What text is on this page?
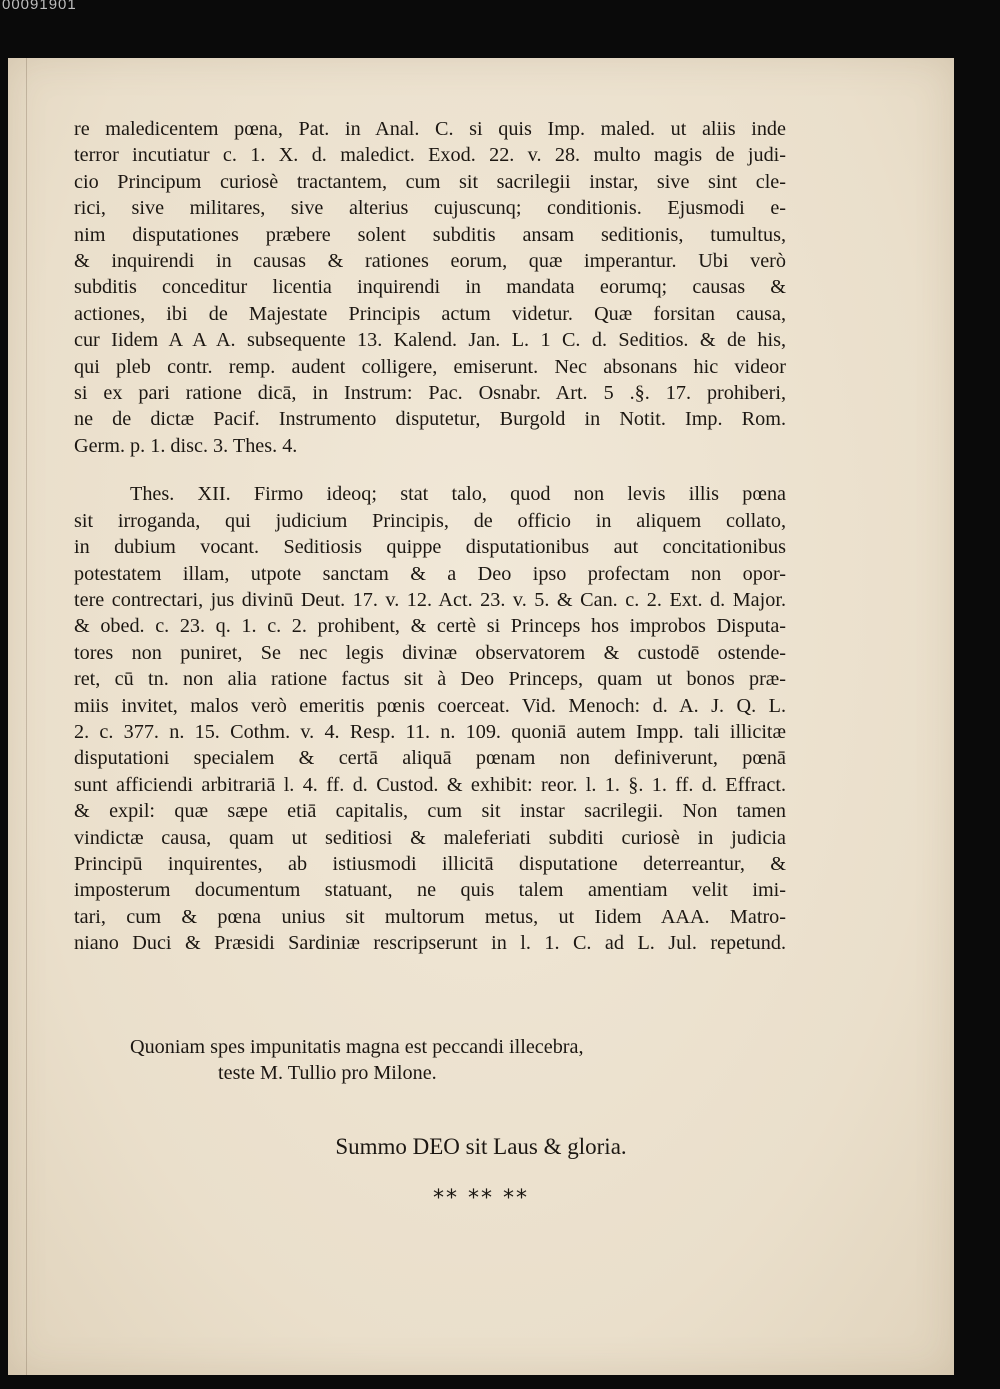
00091901
re maledicentem pœna, Pat. in Anal. C. si quis Imp. maled. ut aliis inde
terror incutiatur c. 1. X. d. maledict. Exod. 22. v. 28. multo magis de judi-
cio Principum curiosè tractantem, cum sit sacrilegii instar, sive sint cle-
rici, sive militares, sive alterius cujuscunq; conditionis. Ejusmodi e-
nim disputationes præbere solent subditis ansam seditionis, tumultus,
& inquirendi in causas & rationes eorum, quæ imperantur. Ubi verò
subditis conceditur licentia inquirendi in mandata eorumq; causas &
actiones, ibi de Majestate Principis actum videtur. Quæ forsitan causa,
cur Iidem A A A. subsequente 13. Kalend. Jan. L. 1 C. d. Seditios. & de his,
qui pleb contr. remp. audent colligere, emiserunt. Nec absonans hic videor
si ex pari ratione dicā, in Instrum: Pac. Osnabr. Art. 5 .§. 17. prohiberi,
ne de dictæ Pacif. Instrumento disputetur, Burgold in Notit. Imp. Rom.
Germ. p. 1. disc. 3. Thes. 4.
Thes. XII. Firmo ideoq; stat talo, quod non levis illis pœna
sit irroganda, qui judicium Principis, de officio in aliquem collato,
in dubium vocant. Seditiosis quippe disputationibus aut concitationibus
potestatem illam, utpote sanctam & a Deo ipso profectam non opor-
tere contrectari, jus divinū Deut. 17. v. 12. Act. 23. v. 5. & Can. c. 2. Ext. d. Major.
& obed. c. 23. q. 1. c. 2. prohibent, & certè si Princeps hos improbos Disputa-
tores non puniret, Se nec legis divinæ observatorem & custodē ostende-
ret, cū tn. non alia ratione factus sit à Deo Princeps, quam ut bonos præ-
miis invitet, malos verò emeritis pœnis coerceat. Vid. Menoch: d. A. J. Q. L.
2. c. 377. n. 15. Cothm. v. 4. Resp. 11. n. 109. quoniā autem Impp. tali illicitæ
disputationi specialem & certā aliquā pœnam non definiverunt, pœnā
sunt afficiendi arbitrariā l. 4. ff. d. Custod. & exhibit: reor. l. 1. §. 1. ff. d. Effract.
& expil: quæ sæpe etiā capitalis, cum sit instar sacrilegii. Non tamen
vindictæ causa, quam ut seditiosi & maleferiati subditi curiosè in judicia
Principū inquirentes, ab istiusmodi illicitā disputatione deterreantur, &
imposterum documentum statuant, ne quis talem amentiam velit imi-
tari, cum & pœna unius sit multorum metus, ut Iidem AAA. Matro-
niano Duci & Præsidi Sardiniæ rescripserunt in l. 1. C. ad L. Jul. repetund.
Quoniam spes impunitatis magna est peccandi illecebra,
teste M. Tullio pro Milone.
Summo DEO sit Laus & gloria.
** ** **
